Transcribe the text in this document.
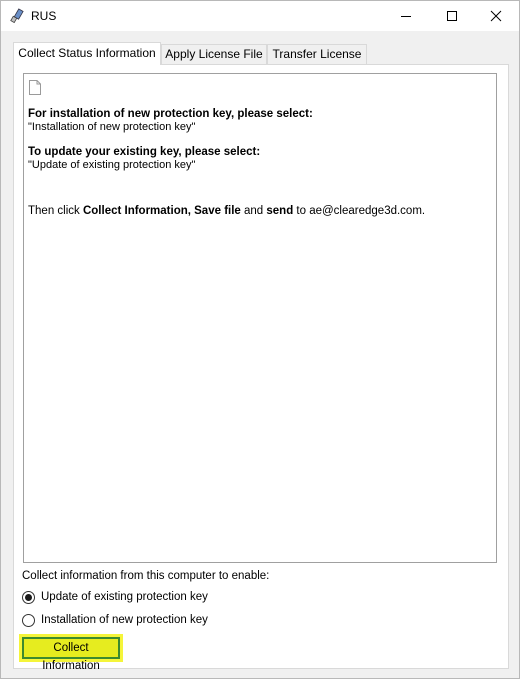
RUS
Collect Status Information Apply License File Transfer License
For installation of new protection key, please select:
"Installation of new protection key"
To update your existing key, please select:
"Update of existing protection key"
Then click Collect Information, Save file and send to ae@clearedge3d.com.
Collect information from this computer to enable:
Update of existing protection key
Installation of new protection key
Collect Information
